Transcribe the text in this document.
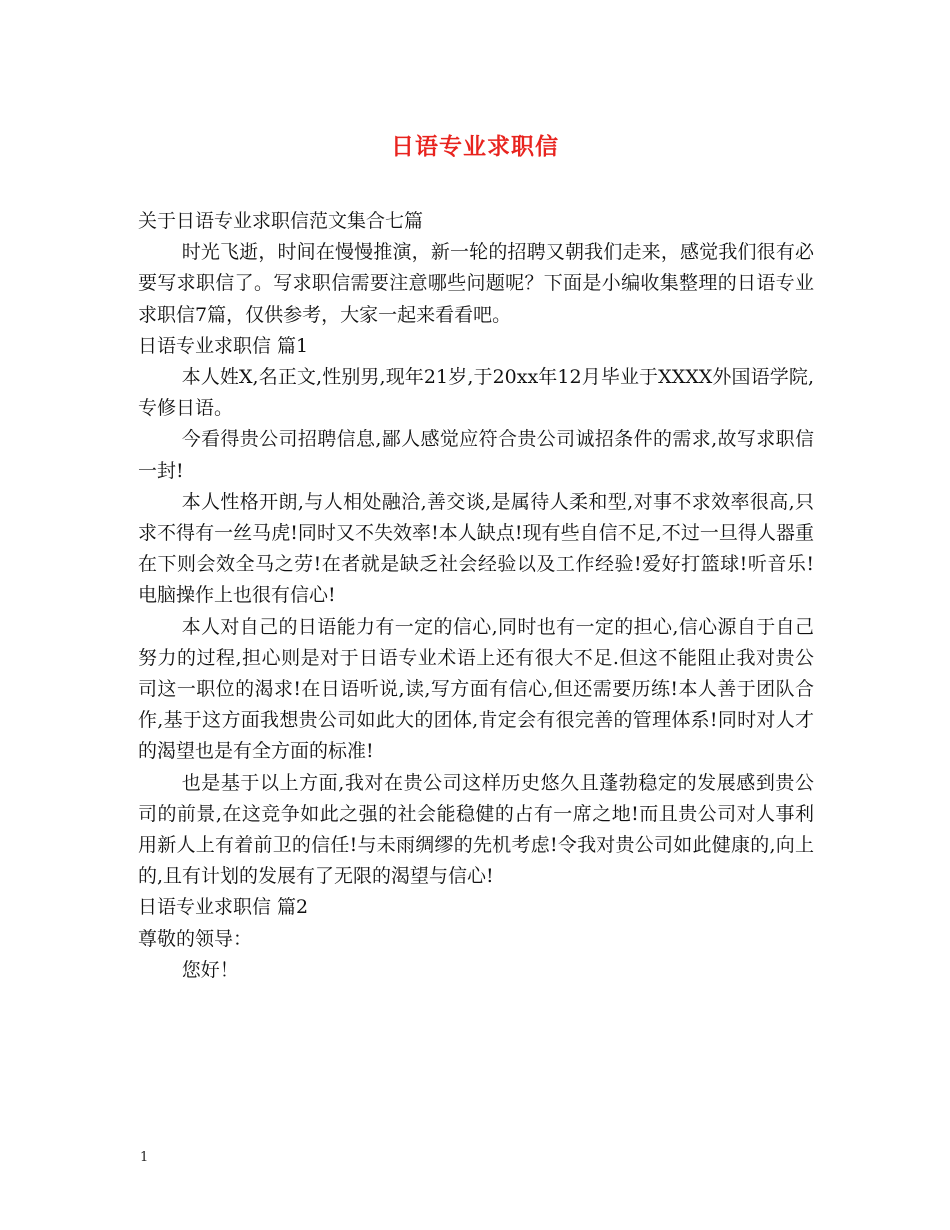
日语专业求职信

关于日语专业求职信范文集合七篇

时光飞逝，时间在慢慢推演，新一轮的招聘又朝我们走来，感觉我们很有必要写求职信了。写求职信需要注意哪些问题呢？下面是小编收集整理的日语专业求职信7篇，仅供参考，大家一起来看看吧。

日语专业求职信 篇1

本人姓X,名正文,性别男,现年21岁,于20xx年12月毕业于XXXX外国语学院,专修日语。

今看得贵公司招聘信息,鄙人感觉应符合贵公司诚招条件的需求,故写求职信一封!

本人性格开朗,与人相处融洽,善交谈,是属待人柔和型,对事不求效率很高,只求不得有一丝马虎!同时又不失效率!本人缺点!现有些自信不足,不过一旦得人器重在下则会效全马之劳!在者就是缺乏社会经验以及工作经验!爱好打篮球!听音乐!电脑操作上也很有信心!

本人对自己的日语能力有一定的信心,同时也有一定的担心,信心源自于自己努力的过程,担心则是对于日语专业术语上还有很大不足.但这不能阻止我对贵公司这一职位的渴求!在日语听说,读,写方面有信心,但还需要历练!本人善于团队合作,基于这方面我想贵公司如此大的团体,肯定会有很完善的管理体系!同时对人才的渴望也是有全方面的标准!

也是基于以上方面,我对在贵公司这样历史悠久且蓬勃稳定的发展感到贵公司的前景,在这竞争如此之强的社会能稳健的占有一席之地!而且贵公司对人事利用新人上有着前卫的信任!与未雨绸缪的先机考虑!令我对贵公司如此健康的,向上的,且有计划的发展有了无限的渴望与信心!

日语专业求职信 篇2

尊敬的领导：

您好！

1
